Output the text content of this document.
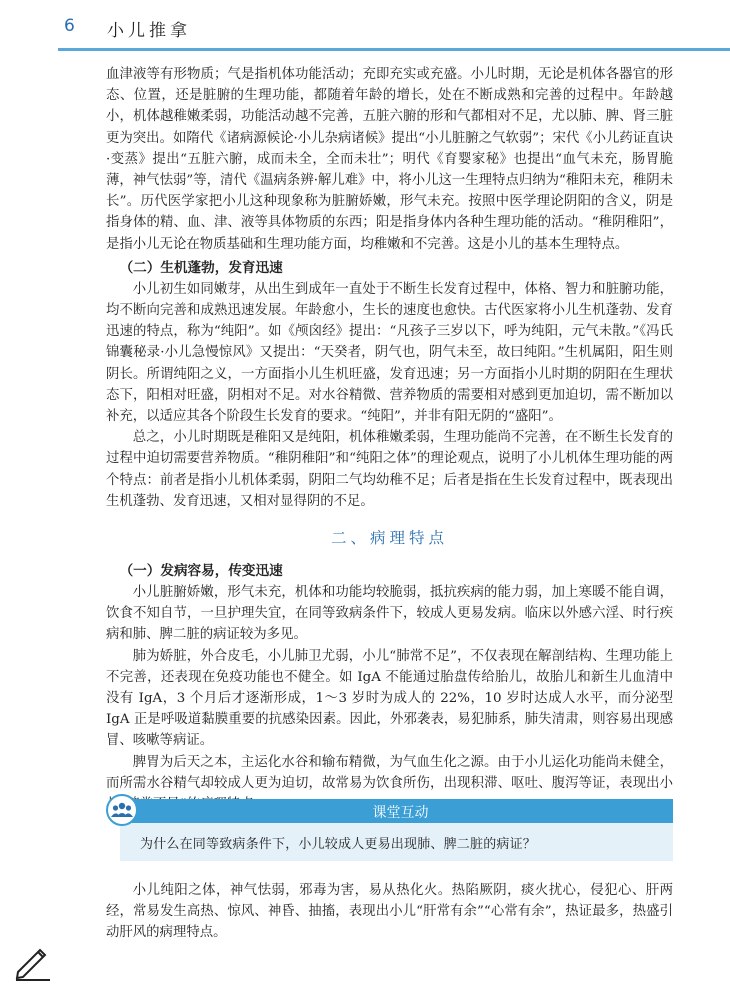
6 小儿推拿

血津液等有形物质；气是指机体功能活动；充即充实或充盛。小儿时期，无论是机体各器官的形态、位置，还是脏腑的生理功能，都随着年龄的增长，处在不断成熟和完善的过程中。年龄越小，机体越稚嫩柔弱，功能活动越不完善，五脏六腑的形和气都相对不足，尤以肺、脾、肾三脏更为突出。如隋代《诸病源候论·小儿杂病诸候》提出“小儿脏腑之气软弱”；宋代《小儿药证直诀·变蒸》提出“五脏六腑，成而未全，全而未壮”；明代《育婴家秘》也提出“血气未充，肠胃脆薄，神气怯弱”等，清代《温病条辨·解儿难》中，将小儿这一生理特点归纳为“稚阳未充，稚阴未长”。历代医学家把小儿这种现象称为脏腑娇嫩，形气未充。按照中医学理论阴阳的含义，阴是指身体的精、血、津、液等具体物质的东西；阳是指身体内各种生理功能的活动。“稚阴稚阳”，是指小儿无论在物质基础和生理功能方面，均稚嫩和不完善。这是小儿的基本生理特点。

（二）生机蓬勃，发育迅速

小儿初生如同嫩芽，从出生到成年一直处于不断生长发育过程中，体格、智力和脏腑功能，均不断向完善和成熟迅速发展。年龄愈小，生长的速度也愈快。古代医家将小儿生机蓬勃、发育迅速的特点，称为“纯阳”。如《颅囟经》提出：“凡孩子三岁以下，呼为纯阳，元气未散。”《冯氏锦囊秘录·小儿急慢惊风》又提出：“天癸者，阴气也，阴气未至，故曰纯阳。”生机属阳，阳生则阴长。所谓纯阳之义，一方面指小儿生机旺盛，发育迅速；另一方面指小儿时期的阴阳在生理状态下，阳相对旺盛，阴相对不足。对水谷精微、营养物质的需要相对感到更加迫切，需不断加以补充，以适应其各个阶段生长发育的要求。“纯阳”，并非有阳无阴的“盛阳”。

总之，小儿时期既是稚阳又是纯阳，机体稚嫩柔弱，生理功能尚不完善，在不断生长发育的过程中迫切需要营养物质。“稚阴稚阳”和“纯阳之体”的理论观点，说明了小儿机体生理功能的两个特点：前者是指小儿机体柔弱，阴阳二气均幼稚不足；后者是指在生长发育过程中，既表现出生机蓬勃、发育迅速，又相对显得阴的不足。

二、病理特点
（一）发病容易，传变迅速

小儿脏腑娇嫩，形气未充，机体和功能均较脆弱，抵抗疾病的能力弱，加上寒暖不能自调，饮食不知自节，一旦护理失宜，在同等致病条件下，较成人更易发病。临床以外感六淫、时行疾病和肺、脾二脏的病证较为多见。

肺为娇脏，外合皮毛，小儿肺卫尤弱，小儿“肺常不足”，不仅表现在解剖结构、生理功能上不完善，还表现在免疫功能也不健全。如 IgA 不能通过胎盘传给胎儿，故胎儿和新生儿血清中没有 IgA，3 个月后才逐渐形成，1～3 岁时为成人的 22%，10 岁时达成人水平，而分泌型 IgA 正是呼吸道黏膜重要的抗感染因素。因此，外邪袭表，易犯肺系，肺失清肃，则容易出现感冒、咳嗽等病证。

脾胃为后天之本，主运化水谷和输布精微，为气血生化之源。由于小儿运化功能尚未健全，而所需水谷精气却较成人更为迫切，故常易为饮食所伤，出现积滞、呕吐、腹泻等证，表现出小

课堂互动
为什么在同等致病条件下，小儿较成人更易出现肺、脾二脏的病证？

小儿纯阳之体，神气怯弱，邪毒为害，易从热化火。热陷厥阴，痰火扰心，侵犯心、肝两经，常易发生高热、惊风、神昏、抽搐，表现出小儿“肝常有余”“心常有余”，热证最多，热盛引动肝风的病理特点。
